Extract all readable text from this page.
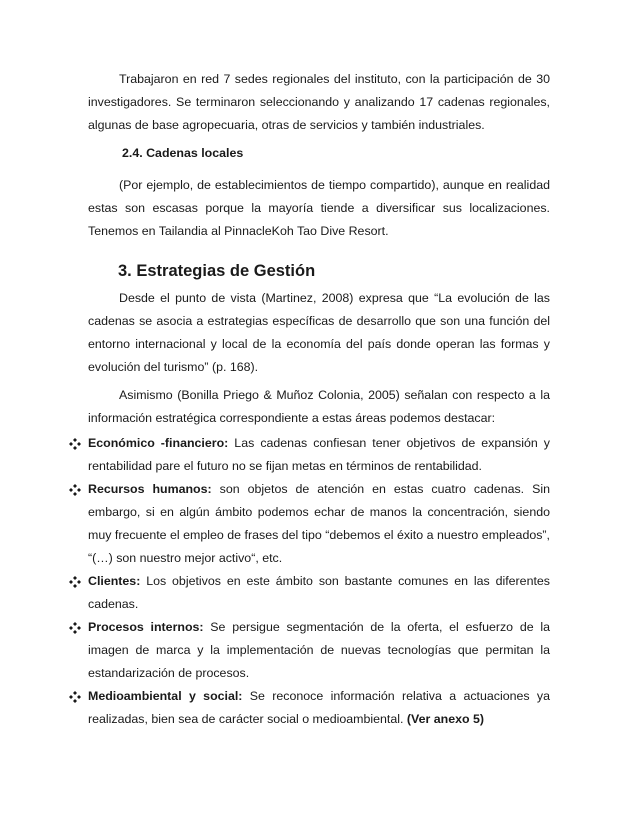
Trabajaron en red 7 sedes regionales del instituto, con la participación de 30 investigadores. Se terminaron seleccionando y analizando 17 cadenas regionales, algunas de base agropecuaria, otras de servicios y también industriales.

2.4. Cadenas locales

(Por ejemplo, de establecimientos de tiempo compartido), aunque en realidad estas son escasas porque la mayoría tiende a diversificar sus localizaciones. Tenemos en Tailandia al PinnacleKoh Tao Dive Resort.

3. Estrategias de Gestión

Desde el punto de vista (Martinez, 2008) expresa que “La evolución de las cadenas se asocia a estrategias específicas de desarrollo que son una función del entorno internacional y local de la economía del país donde operan las formas y evolución del turismo” (p. 168).

Asimismo (Bonilla Priego & Muñoz Colonia, 2005) señalan con respecto a la información estratégica correspondiente a estas áreas podemos destacar:

Económico -financiero: Las cadenas confiesan tener objetivos de expansión y rentabilidad pare el futuro no se fijan metas en términos de rentabilidad.
Recursos humanos: son objetos de atención en estas cuatro cadenas. Sin embargo, si en algún ámbito podemos echar de manos la concentración, siendo muy frecuente el empleo de frases del tipo “debemos el éxito a nuestro empleados”, “(…) son nuestro mejor activo“, etc.
Clientes: Los objetivos en este ámbito son bastante comunes en las diferentes cadenas.
Procesos internos: Se persigue segmentación de la oferta, el esfuerzo de la imagen de marca y la implementación de nuevas tecnologías que permitan la estandarización de procesos.
Medioambiental y social: Se reconoce información relativa a actuaciones ya realizadas, bien sea de carácter social o medioambiental. (Ver anexo 5)
